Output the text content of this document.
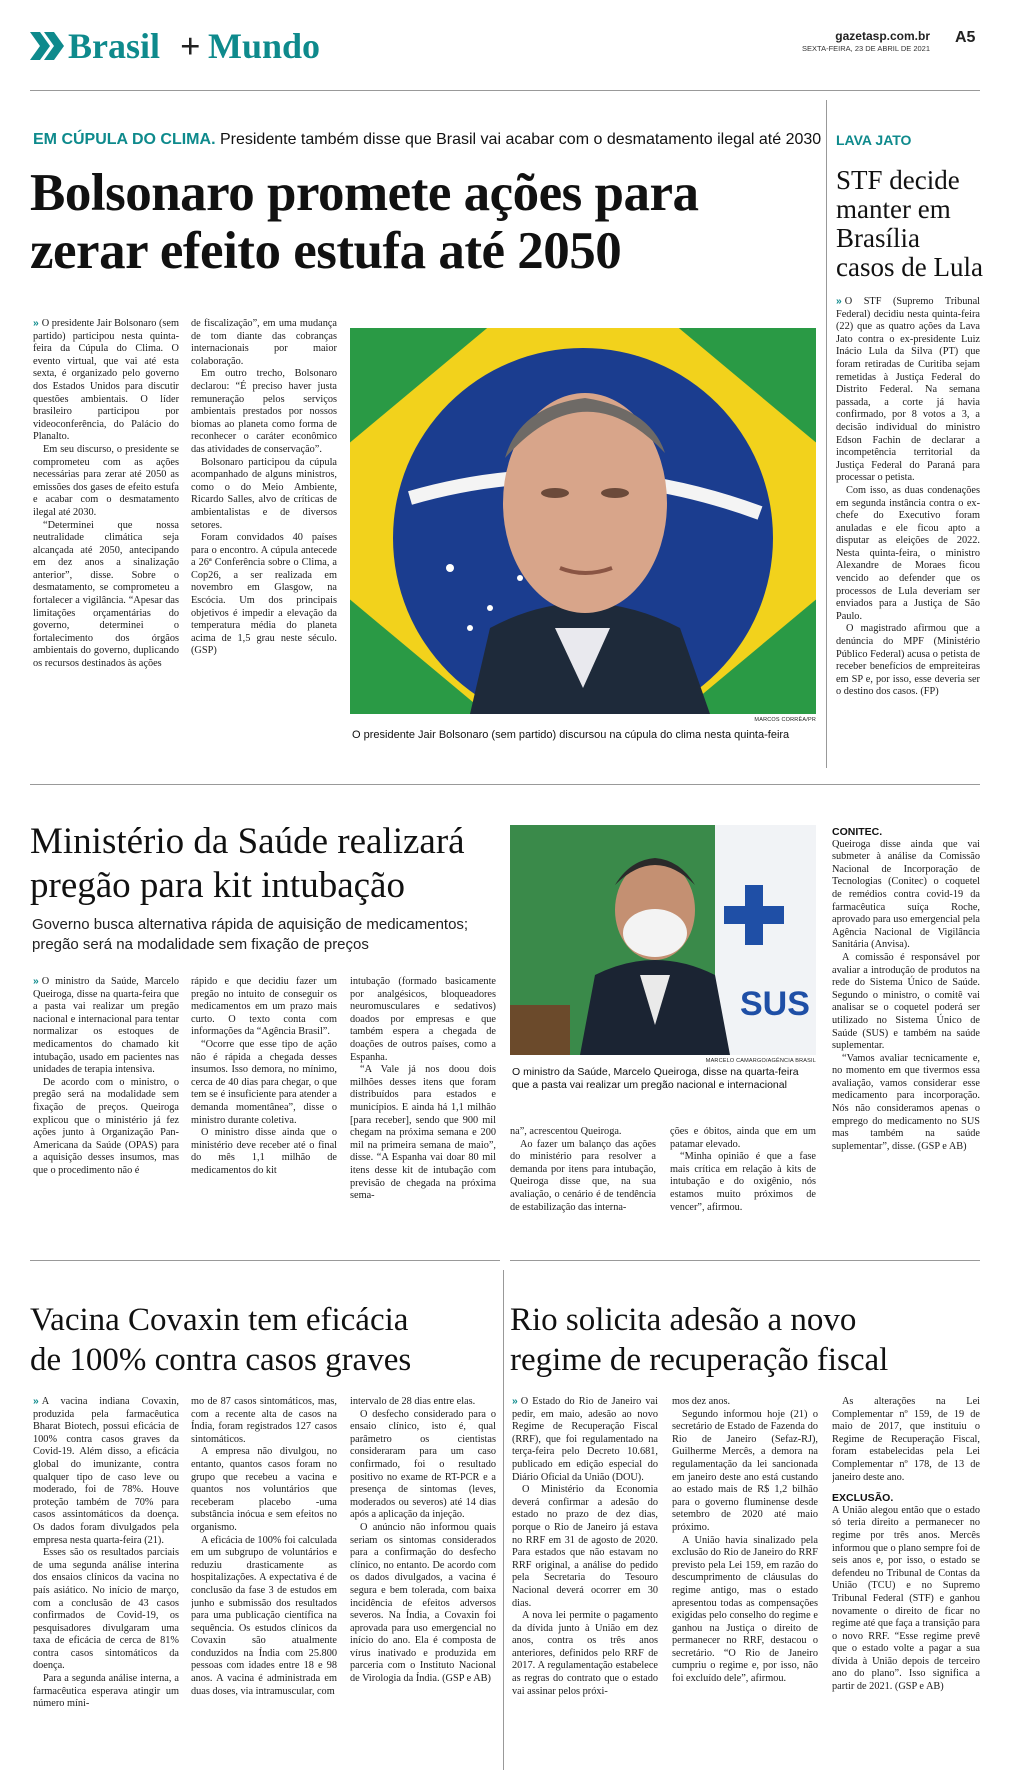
Brasil + Mundo	gazetasp.com.br
SEXTA-FEIRA, 23 DE ABRIL DE 2021
A5
EM CÚPULA DO CLIMA. Presidente também disse que Brasil vai acabar com o desmatamento ilegal até 2030
Bolsonaro promete ações para
zerar efeito estufa até 2050

» O presidente Jair Bolsonaro (sem partido) participou nesta quinta-feira da Cúpula do Clima. O evento virtual, que vai até esta sexta, é organizado pelo governo dos Estados Unidos para discutir questões ambientais. O líder brasileiro participou por videoconferência, do Palácio do Planalto.

Em seu discurso, o presidente se comprometeu com as ações necessárias para zerar até 2050 as emissões dos gases de efeito estufa e acabar com o desmatamento ilegal até 2030.

“Determinei que nossa neutralidade climática seja alcançada até 2050, antecipando em dez anos a sinalização anterior”, disse. Sobre o desmatamento, se comprometeu a fortalecer a vigilância. “Apesar das limitações orçamentárias do governo, determinei o fortalecimento dos órgãos ambientais do governo, duplicando os recursos destinados às ações

de fiscalização”, em uma mudança de tom diante das cobranças internacionais por maior colaboração.

Em outro trecho, Bolsonaro declarou: “É preciso haver justa remuneração pelos serviços ambientais prestados por nossos biomas ao planeta como forma de reconhecer o caráter econômico das atividades de conservação”.

Bolsonaro participou da cúpula acompanhado de alguns ministros, como o do Meio Ambiente, Ricardo Salles, alvo de críticas de ambientalistas e de diversos setores.

Foram convidados 40 países para o encontro. A cúpula antecede a 26ª Conferência sobre o Clima, a Cop26, a ser realizada em novembro em Glasgow, na Escócia. Um dos principais objetivos é impedir a elevação da temperatura média do planeta acima de 1,5 grau neste século. (GSP)

MARCOS CORRÊA/PR
O presidente Jair Bolsonaro (sem partido) discursou na cúpula do clima nesta quinta-feira
LAVA JATO
STF decide
manter em
Brasília
casos de Lula

» O STF (Supremo Tribunal Federal) decidiu nesta quinta-feira (22) que as quatro ações da Lava Jato contra o ex-presidente Luiz Inácio Lula da Silva (PT) que foram retiradas de Curitiba sejam remetidas à Justiça Federal do Distrito Federal. Na semana passada, a corte já havia confirmado, por 8 votos a 3, a decisão individual do ministro Edson Fachin de declarar a incompetência territorial da Justiça Federal do Paraná para processar o petista.

Com isso, as duas condenações em segunda instância contra o ex-chefe do Executivo foram anuladas e ele ficou apto a disputar as eleições de 2022. Nesta quinta-feira, o ministro Alexandre de Moraes ficou vencido ao defender que os processos de Lula deveriam ser enviados para a Justiça de São Paulo.

O magistrado afirmou que a denúncia do MPF (Ministério Público Federal) acusa o petista de receber benefícios de empreiteiras em SP e, por isso, esse deveria ser o destino dos casos. (FP)

Ministério da Saúde realizará
pregão para kit intubação
Governo busca alternativa rápida de aquisição de medicamentos;
pregão será na modalidade sem fixação de preços

» O ministro da Saúde, Marcelo Queiroga, disse na quarta-feira que a pasta vai realizar um pregão nacional e internacional para tentar normalizar os estoques de medicamentos do chamado kit intubação, usado em pacientes nas unidades de terapia intensiva.

De acordo com o ministro, o pregão será na modalidade sem fixação de preços. Queiroga explicou que o ministério já fez ações junto à Organização Pan-Americana da Saúde (OPAS) para a aquisição desses insumos, mas que o procedimento não é

rápido e que decidiu fazer um pregão no intuito de conseguir os medicamentos em um prazo mais curto. O texto conta com informações da “Agência Brasil”.

“Ocorre que esse tipo de ação não é rápida a chegada desses insumos. Isso demora, no mínimo, cerca de 40 dias para chegar, o que tem se é insuficiente para atender a demanda momentânea”, disse o ministro durante coletiva.

O ministro disse ainda que o ministério deve receber até o final do mês 1,1 milhão de medicamentos do kit

intubação (formado basicamente por analgésicos, bloqueadores neuromusculares e sedativos) doados por empresas e que também espera a chegada de doações de outros países, como a Espanha.

“A Vale já nos doou dois milhões desses itens que foram distribuídos para estados e municípios. E ainda há 1,1 milhão [para receber], sendo que 900 mil chegam na próxima semana e 200 mil na primeira semana de maio”, disse. “A Espanha vai doar 80 mil itens desse kit de intubação com previsão de chegada na próxima sema-

na”, acrescentou Queiroga.

Ao fazer um balanço das ações do ministério para resolver a demanda por itens para intubação, Queiroga disse que, na sua avaliação, o cenário é de tendência de estabilização das interna-

ções e óbitos, ainda que em um patamar elevado.

“Minha opinião é que a fase mais crítica em relação à kits de intubação e do oxigênio, nós estamos muito próximos de vencer”, afirmou.

SUS
MARCELO CAMARGO/AGÊNCIA BRASIL
O ministro da Saúde, Marcelo Queiroga, disse na quarta-feira
que a pasta vai realizar um pregão nacional e internacional
CONITEC.

Queiroga disse ainda que vai submeter à análise da Comissão Nacional de Incorporação de Tecnologias (Conitec) o coquetel de remédios contra covid-19 da farmacêutica suíça Roche, aprovado para uso emergencial pela Agência Nacional de Vigilância Sanitária (Anvisa).

A comissão é responsável por avaliar a introdução de produtos na rede do Sistema Único de Saúde. Segundo o ministro, o comitê vai analisar se o coquetel poderá ser utilizado no Sistema Único de Saúde (SUS) e também na saúde suplementar.

“Vamos avaliar tecnicamente e, no momento em que tivermos essa avaliação, vamos considerar esse medicamento para incorporação. Nós não consideramos apenas o emprego do medicamento no SUS mas também na saúde suplementar”, disse. (GSP e AB)

Vacina Covaxin tem eficácia
de 100% contra casos graves

» A vacina indiana Covaxin, produzida pela farmacêutica Bharat Biotech, possui eficácia de 100% contra casos graves da Covid-19. Além disso, a eficácia global do imunizante, contra qualquer tipo de caso leve ou moderado, foi de 78%. Houve proteção também de 70% para casos assintomáticos da doença. Os dados foram divulgados pela empresa nesta quarta-feira (21).

Esses são os resultados parciais de uma segunda análise interina dos ensaios clínicos da vacina no país asiático. No início de março, com a conclusão de 43 casos confirmados de Covid-19, os pesquisadores divulgaram uma taxa de eficácia de cerca de 81% contra casos sintomáticos da doença.

Para a segunda análise interna, a farmacêutica esperava atingir um número míni-

mo de 87 casos sintomáticos, mas, com a recente alta de casos na Índia, foram registrados 127 casos sintomáticos.

A empresa não divulgou, no entanto, quantos casos foram no grupo que recebeu a vacina e quantos nos voluntários que receberam placebo -uma substância inócua e sem efeitos no organismo.

A eficácia de 100% foi calculada em um subgrupo de voluntários e reduziu drasticamente as hospitalizações. A expectativa é de conclusão da fase 3 de estudos em junho e submissão dos resultados para uma publicação científica na sequência. Os estudos clínicos da Covaxin são atualmente conduzidos na Índia com 25.800 pessoas com idades entre 18 e 98 anos. A vacina é administrada em duas doses, via intramuscular, com

intervalo de 28 dias entre elas.

O desfecho considerado para o ensaio clínico, isto é, qual parâmetro os cientistas consideraram para um caso confirmado, foi o resultado positivo no exame de RT-PCR e a presença de sintomas (leves, moderados ou severos) até 14 dias após a aplicação da injeção.

O anúncio não informou quais seriam os sintomas considerados para a confirmação do desfecho clínico, no entanto. De acordo com os dados divulgados, a vacina é segura e bem tolerada, com baixa incidência de efeitos adversos severos. Na Índia, a Covaxin foi aprovada para uso emergencial no início do ano. Ela é composta de vírus inativado e produzida em parceria com o Instituto Nacional de Virologia da Índia. (GSP e AB)

Rio solicita adesão a novo
regime de recuperação fiscal

» O Estado do Rio de Janeiro vai pedir, em maio, adesão ao novo Regime de Recuperação Fiscal (RRF), que foi regulamentado na terça-feira pelo Decreto 10.681, publicado em edição especial do Diário Oficial da União (DOU).

O Ministério da Economia deverá confirmar a adesão do estado no prazo de dez dias, porque o Rio de Janeiro já estava no RRF em 31 de agosto de 2020. Para estados que não estavam no RRF original, a análise do pedido pela Secretaria do Tesouro Nacional deverá ocorrer em 30 dias.

A nova lei permite o pagamento da dívida junto à União em dez anos, contra os três anos anteriores, definidos pelo RRF de 2017. A regulamentação estabelece as regras do contrato que o estado vai assinar pelos próxi-

mos dez anos.

Segundo informou hoje (21) o secretário de Estado de Fazenda do Rio de Janeiro (Sefaz-RJ), Guilherme Mercês, a demora na regulamentação da lei sancionada em janeiro deste ano está custando ao estado mais de R$ 1,2 bilhão para o governo fluminense desde setembro de 2020 até maio próximo.

A União havia sinalizado pela exclusão do Rio de Janeiro do RRF previsto pela Lei 159, em razão do descumprimento de cláusulas do regime antigo, mas o estado apresentou todas as compensações exigidas pelo conselho do regime e ganhou na Justiça o direito de permanecer no RRF, destacou o secretário. “O Rio de Janeiro cumpriu o regime e, por isso, não foi excluído dele”, afirmou.

As alterações na Lei Complementar nº 159, de 19 de maio de 2017, que instituiu o Regime de Recuperação Fiscal, foram estabelecidas pela Lei Complementar nº 178, de 13 de janeiro deste ano.

EXCLUSÃO.

A União alegou então que o estado só teria direito a permanecer no regime por três anos. Mercês informou que o plano sempre foi de seis anos e, por isso, o estado se defendeu no Tribunal de Contas da União (TCU) e no Supremo Tribunal Federal (STF) e ganhou novamente o direito de ficar no regime até que faça a transição para o novo RRF. “Esse regime prevê que o estado volte a pagar a sua dívida à União depois de terceiro ano do plano”. Isso significa a partir de 2021. (GSP e AB)
